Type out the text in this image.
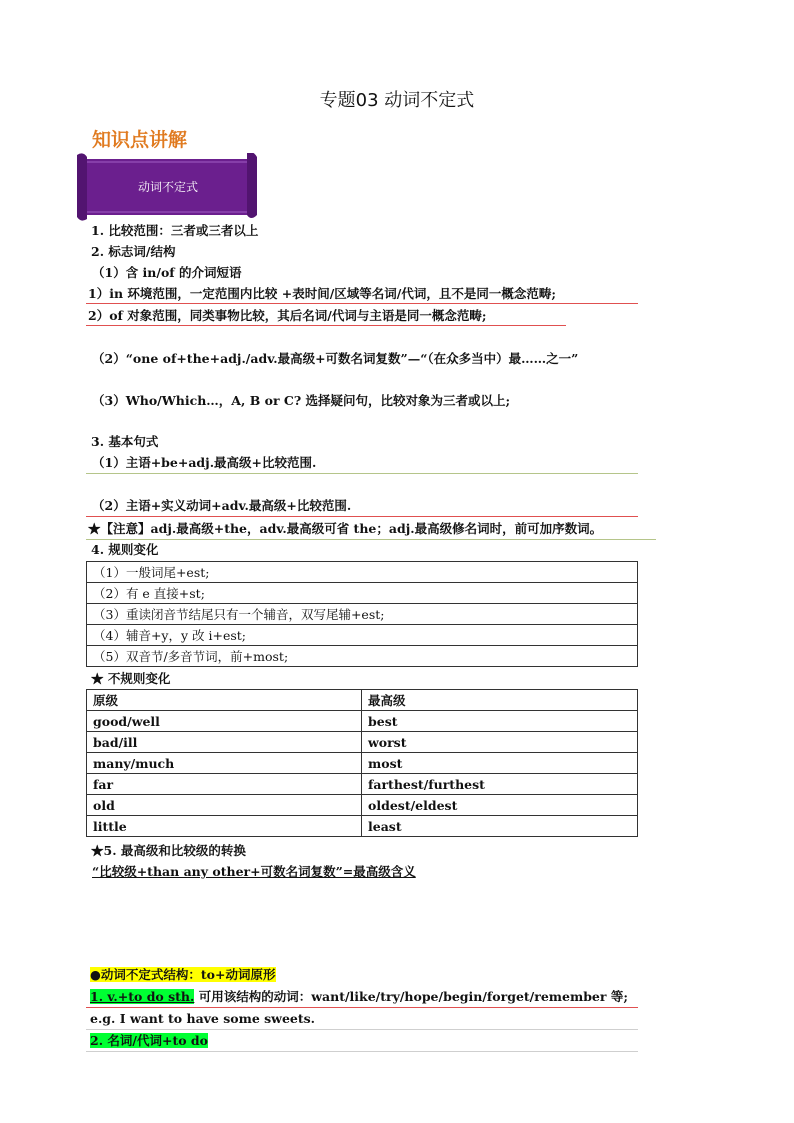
专题03 动词不定式
知识点讲解
动词不定式
1. 比较范围：三者或三者以上
2. 标志词/结构
（1）含 in/of 的介词短语
1）in 环境范围，一定范围内比较 +表时间/区域等名词/代词，且不是同一概念范畴;
2）of 对象范围，同类事物比较，其后名词/代词与主语是同一概念范畴;
（2）“one of+the+adj./adv.最高级+可数名词复数”—“（在众多当中）最……之一”
（3）Who/Which…，A, B or C? 选择疑问句，比较对象为三者或以上;
3. 基本句式
（1）主语+be+adj.最高级+比较范围.
（2）主语+实义动词+adv.最高级+比较范围.
★【注意】adj.最高级+the，adv.最高级可省 the；adj.最高级修名词时，前可加序数词。
4. 规则变化
（1）一般词尾+est;
（2）有 e 直接+st;
（3）重读闭音节结尾只有一个辅音，双写尾辅+est;
（4）辅音+y，y 改 i+est;
（5）双音节/多音节词，前+most;
★ 不规则变化
原级	最高级
good/well	best
bad/ill	worst
many/much	most
far	farthest/furthest
old	oldest/eldest
little	least
★5. 最高级和比较级的转换
“比较级+than any other+可数名词复数”=最高级含义
●动词不定式结构：to+动词原形
1. v.+to do sth. 可用该结构的动词：want/like/try/hope/begin/forget/remember 等;
e.g. I want to have some sweets.
2. 名词/代词+to do
